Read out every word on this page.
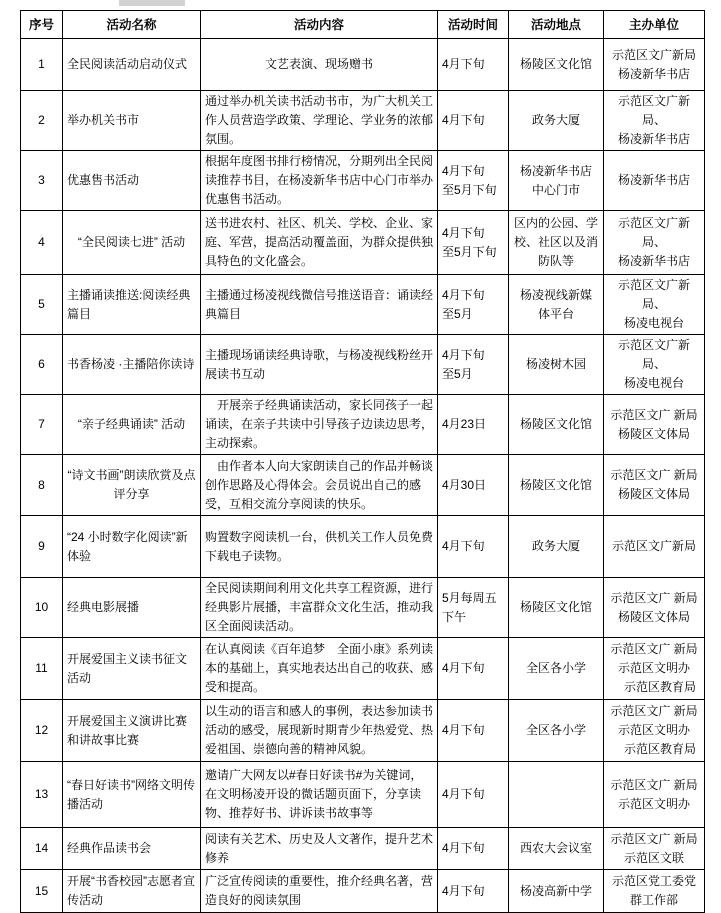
序号	活动名称	活动内容	活动时间	活动地点	主办单位
1	全民阅读活动启动仪式	文艺表演、现场赠书	4月下旬	杨陵区文化馆	示范区文广新局
杨凌新华书店

2	举办机关书市	通过举办机关读书活动书市，为广大机关工作人员营造学政策、学理论、学业务的浓郁氛围。	4月下旬	政务大厦	示范区文广新局、
杨凌新华书店

3	优惠售书活动	根据年度图书排行榜情况，分期列出全民阅读推荐书目，在杨凌新华书店中心门市举办优惠售书活动。	4月下旬
至5月下旬	杨凌新华书店
中心门市	杨凌新华书店

4	“全民阅读七进” 活动	送书进农村、社区、机关、学校、企业、家庭、军营，提高活动覆盖面，为群众提供独具特色的文化盛会。	4月下旬
至5月下旬	区内的公园、学
校、社区以及消
防队等	示范区文广新局、
杨凌新华书店

5	主播诵读推送:阅读经典篇目	主播通过杨凌视线微信号推送语音：诵读经典篇目	4月下旬
至5月	杨凌视线新媒
体平台	示范区文广新局、
杨凌电视台

6	书香杨凌 ·主播陪你读诗	主播现场诵读经典诗歌，与杨凌视线粉丝开展读书互动	4月下旬
至5月	杨凌树木园	示范区文广新局、
杨凌电视台

7	“亲子经典诵读” 活动	开展亲子经典诵读活动，家长同孩子一起诵读，在亲子共读中引导孩子边读边思考，主动探索。	4月23日	杨陵区文化馆	示范区文广 新局
杨陵区文体局

8	“诗文书画”朗读欣赏及点评分享	由作者本人向大家朗读自己的作品并畅谈创作思路及心得体会。会员说出自己的感受，互相交流分享阅读的快乐。	4月30日	杨陵区文化馆	示范区文广 新局
杨陵区文体局

9	“24 小时数字化阅读”新体验	购置数字阅读机一台，供机关工作人员免费下载电子读物。	4月下旬	政务大厦	示范区文广新局

10	经典电影展播	全民阅读期间利用文化共享工程资源，进行经典影片展播，丰富群众文化生活，推动我区全面阅读活动。	5月每周五
下午	杨陵区文化馆	示范区文广 新局
杨陵区文体局

11	开展爱国主义读书征文活动	在认真阅读《百年追梦　全面小康》系列读本的基础上，真实地表达出自己的收获、感受和提高。	4月下旬	全区各小学	示范区文广 新局
示范区文明办
　示范区教育局

12	开展爱国主义演讲比赛和讲故事比赛	以生动的语言和感人的事例，表达参加读书活动的感受，展现新时期青少年热爱党、热爱祖国、崇德向善的精神风貌。	4月下旬	全区各小学	示范区文广 新局
示范区文明办
　示范区教育局

13	“春日好读书”网络文明传播活动	邀请广大网友以#春日好读书#为关键词，在文明杨凌开设的微话题页面下，分享读物、推荐好书、讲诉读书故事等	4月下旬		示范区文广 新局
示范区文明办

14	经典作品读书会	阅读有关艺术、历史及人文著作，提升艺术修养	4月下旬	西农大会议室	示范区文广 新局
示范区文联

15	开展“书香校园”志愿者宣传活动	广泛宣传阅读的重要性，推介经典名著，营造良好的阅读氛围	4月下旬	杨凌高新中学	示范区党工委党
群工作部
